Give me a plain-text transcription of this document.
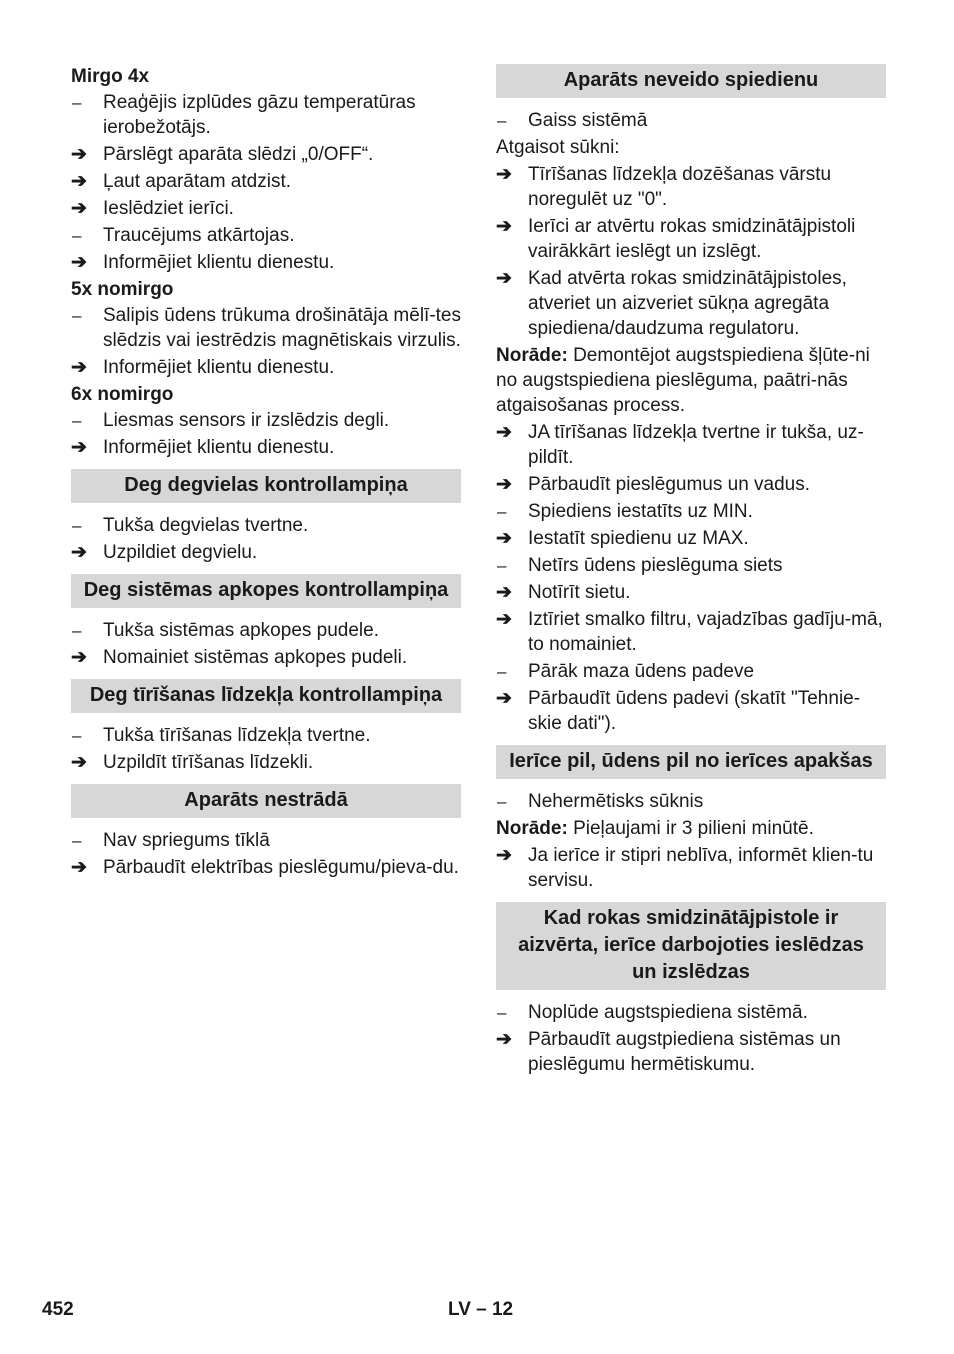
Mirgo 4x
–	Reaģējis izplūdes gāzu temperatūras ierobežotājs.
➔ Pārslēgt aparāta slēdzi „0/OFF“.
➔ Ļaut aparātam atdzist.
➔ Ieslēdziet ierīci.
–	Traucējums atkārtojas.
➔ Informējiet klientu dienestu.
5x nomirgo
–	Salipis ūdens trūkuma drošinātāja mēlī-tes slēdzis vai iestrēdzis magnētiskais virzulis.
➔ Informējiet klientu dienestu.
6x nomirgo
–	Liesmas sensors ir izslēdzis degli.
➔ Informējiet klientu dienestu.
Deg degvielas kontrollampiņa
–	Tukša degvielas tvertne.
➔ Uzpildiet degvielu.
Deg sistēmas apkopes kontrollampiņa
–	Tukša sistēmas apkopes pudele.
➔ Nomainiet sistēmas apkopes pudeli.
Deg tīrīšanas līdzekļa kontrollampiņa
–	Tukša tīrīšanas līdzekļa tvertne.
➔ Uzpildīt tīrīšanas līdzekli.
Aparāts nestrādā
–	Nav spriegums tīklā
➔ Pārbaudīt elektrības pieslēgumu/pieva-du.
Aparāts neveido spiedienu
–	Gaiss sistēmā
Atgaisot sūkni:
➔ Tīrīšanas līdzekļa dozēšanas vārstu noregulēt uz "0".
➔ Ierīci ar atvērtu rokas smidzinātājpistoli vairākkārt ieslēgt un izslēgt.
➔ Kad atvērta rokas smidzinātājpistoles, atveriet un aizveriet sūkņa agregāta spiediena/daudzuma regulatoru.
Norāde: Demontējot augstspiediena šļūte-ni no augstspiediena pieslēguma, paātri-nās atgaisošanas process.
➔ JA tīrīšanas līdzekļa tvertne ir tukša, uz-pildīt.
➔ Pārbaudīt pieslēgumus un vadus.
–	Spiediens iestatīts uz MIN.
➔ Iestatīt spiedienu uz MAX.
–	Netīrs ūdens pieslēguma siets
➔ Notīrīt sietu.
➔ Iztīriet smalko filtru, vajadzības gadīju-mā, to nomainiet.
–	Pārāk maza ūdens padeve
➔ Pārbaudīt ūdens padevi (skatīt "Tehnie-skie dati").
Ierīce pil, ūdens pil no ierīces apakšas
–	Nehermētisks sūknis
Norāde: Pieļaujami ir 3 pilieni minūtē.
➔ Ja ierīce ir stipri neblīva, informēt klien-tu servisu.
Kad rokas smidzinātājpistole ir aizvērta, ierīce darbojoties ieslēdzas un izslēdzas
–	Noplūde augstspiediena sistēmā.
➔ Pārbaudīt augstpiediena sistēmas un pieslēgumu hermētiskumu.
452	LV – 12
